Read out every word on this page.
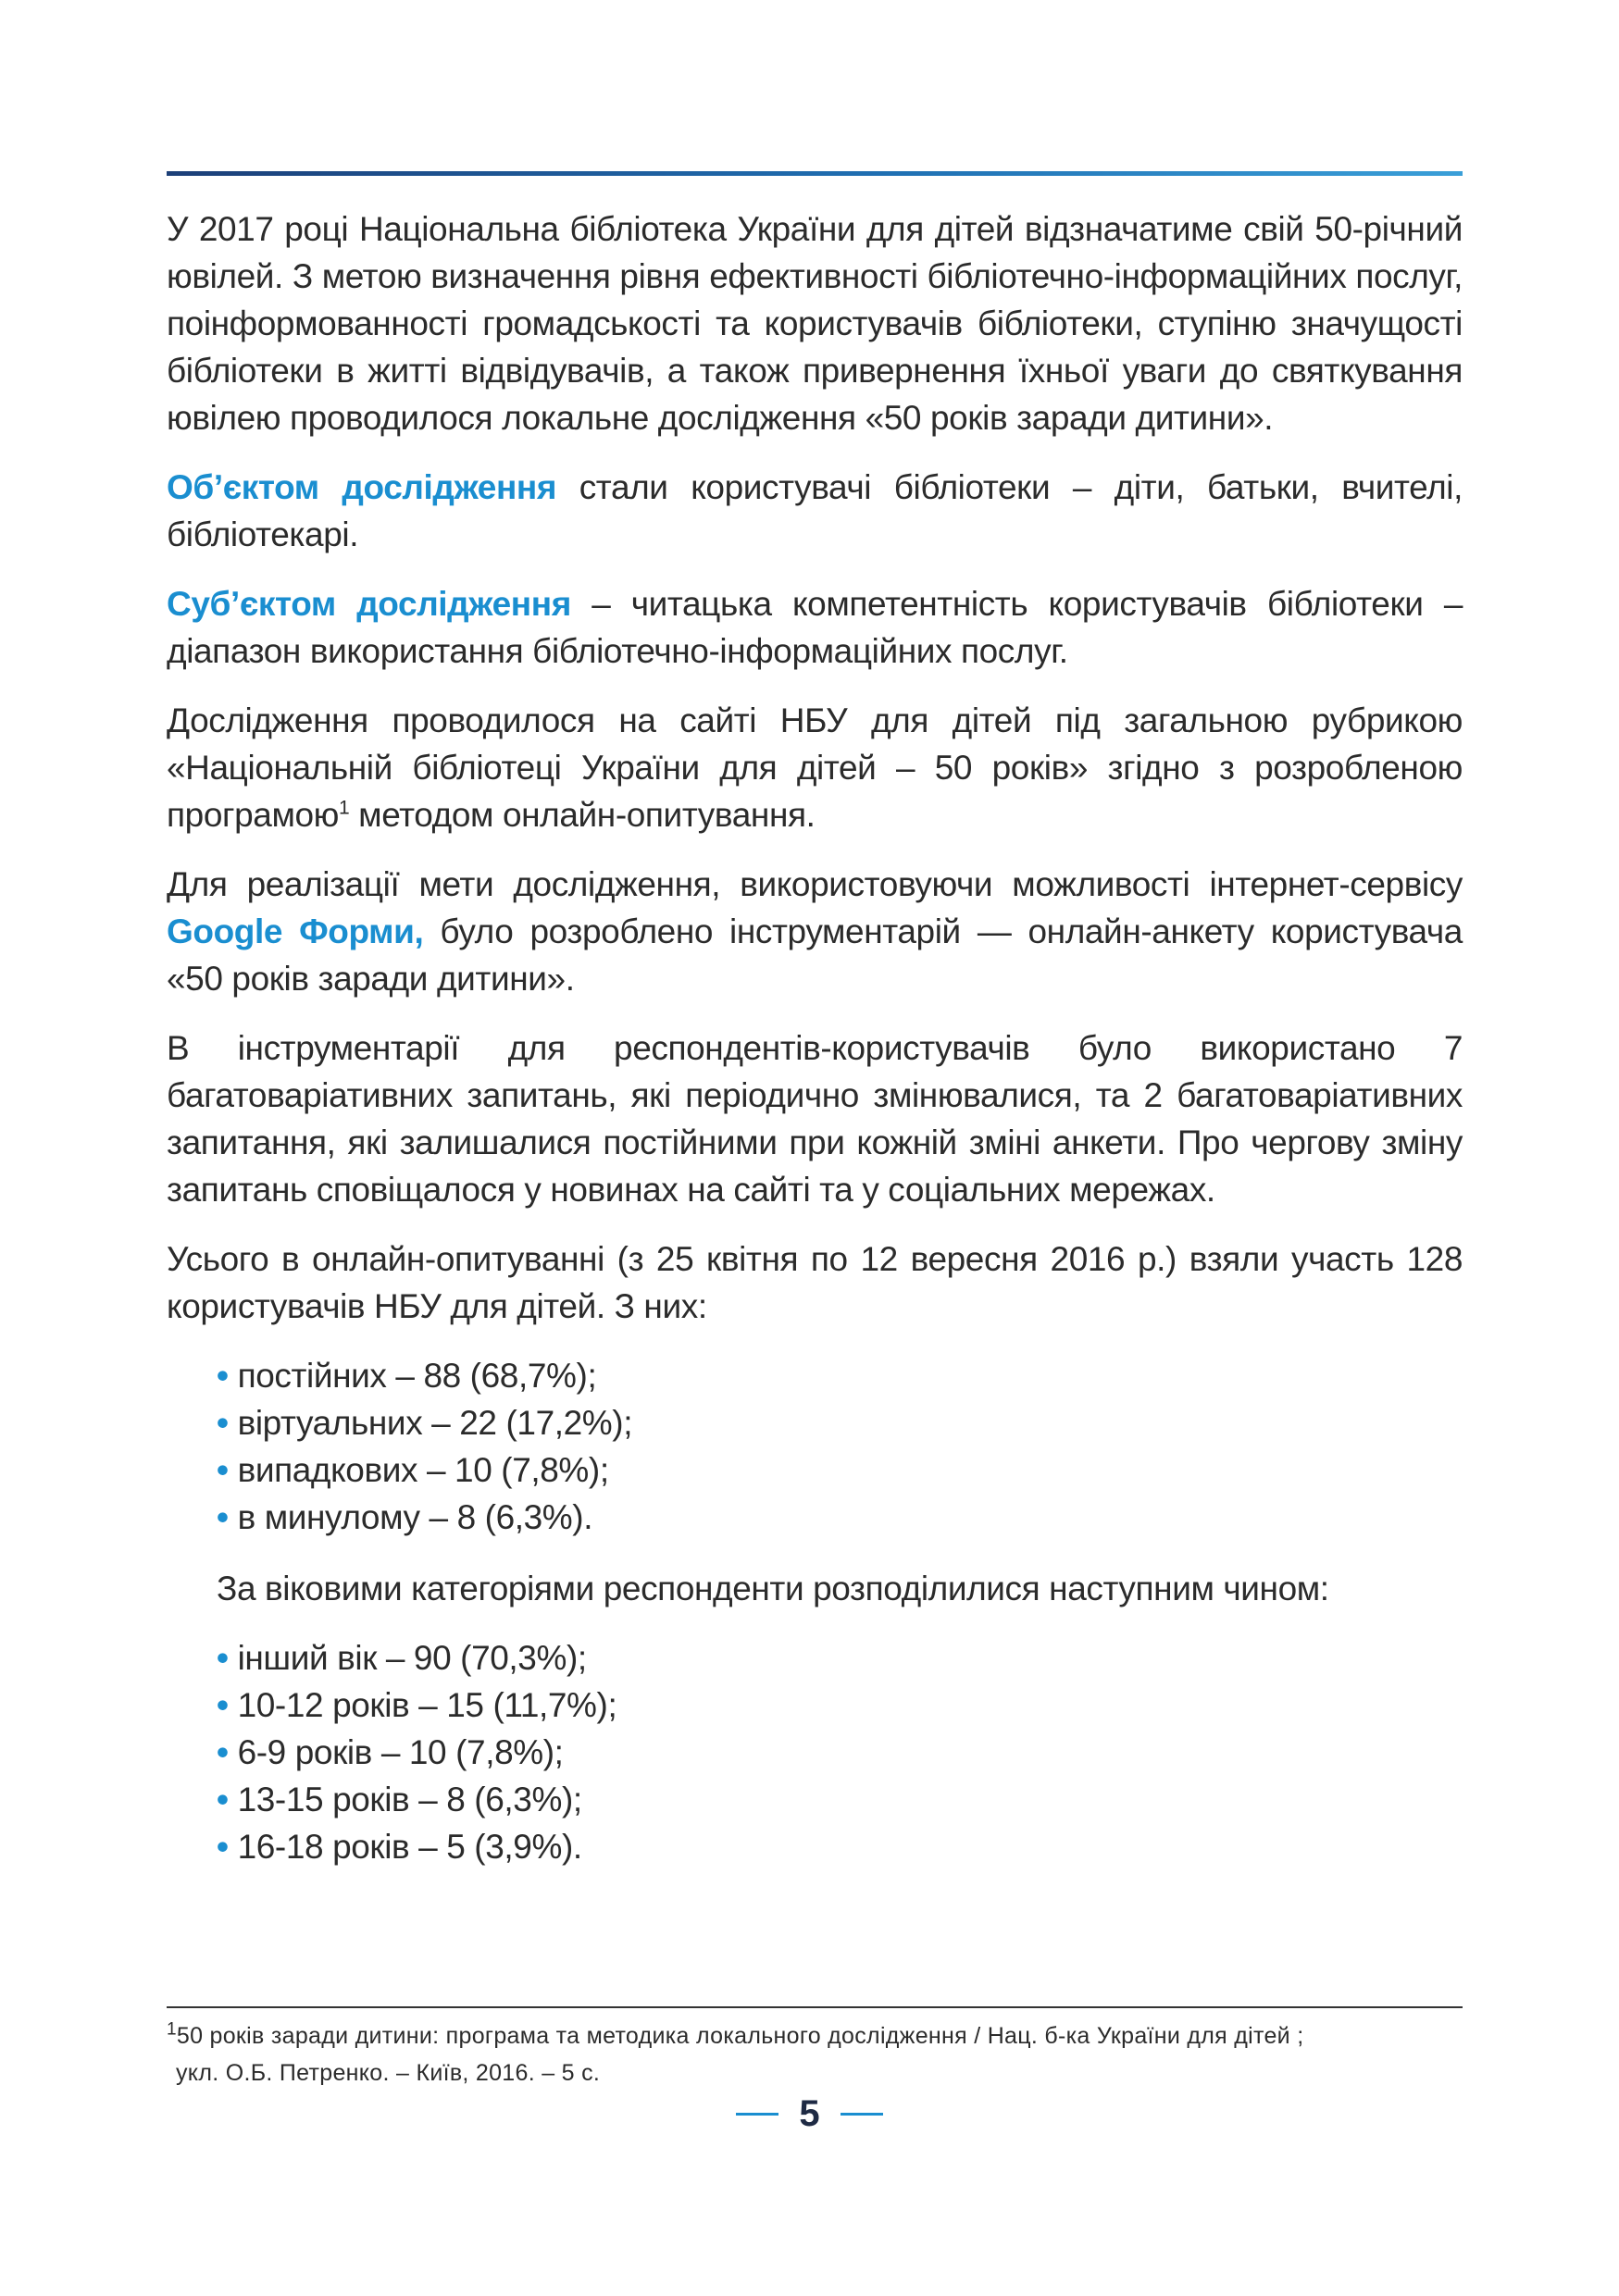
У 2017 році Національна бібліотека України для дітей відзначатиме свій 50-річний ювілей. З метою визначення рівня ефективності бібліотечно-інформаційних послуг, поінформованності громадськості та користувачів бібліотеки, ступіню значущості бібліотеки в житті відвідувачів, а також привернення їхньої уваги до святкування ювілею проводилося локальне дослідження «50 років заради дитини».

Об’єктом дослідження стали користувачі бібліотеки – діти, батьки, вчителі, бібліотекарі.

Суб’єктом дослідження – читацька компетентність користувачів бібліотеки – діапазон використання бібліотечно-інформаційних послуг.

Дослідження проводилося на сайті НБУ для дітей під загальною рубрикою «Національній бібліотеці України для дітей – 50 років» згідно з розробленою програмою$^1$ методом онлайн-опитування.

Для реалізації мети дослідження, використовуючи можливості інтернет-сервісу Google Форми, було розроблено інструментарій — онлайн-анкету користувача «50 років заради дитини».

В інструментарії для респондентів-користувачів було використано 7 багатоваріативних запитань, які періодично змінювалися, та 2 багатоваріативних запитання, які залишалися постійними при кожній зміні анкети. Про чергову зміну запитань сповіщалося у новинах на сайті та у соціальних мережах.

Усього в онлайн-опитуванні (з 25 квітня по 12 вересня 2016 р.) взяли участь 128 користувачів НБУ для дітей. З них:

• постійних – 88 (68,7%);
• віртуальних – 22 (17,2%);
• випадкових – 10 (7,8%);
• в минулому – 8 (6,3%).

За віковими категоріями респонденти розподілилися наступним чином:

• інший вік – 90 (70,3%);
• 10-12 років – 15 (11,7%);
• 6-9 років – 10 (7,8%);
• 13-15 років – 8 (6,3%);
• 16-18 років – 5 (3,9%).
$^1$50 років заради дитини: програма та методика локального дослідження / Нац. б-ка України для дітей ;
укл. О.Б. Петренко. – Київ, 2016. – 5 с.
5
